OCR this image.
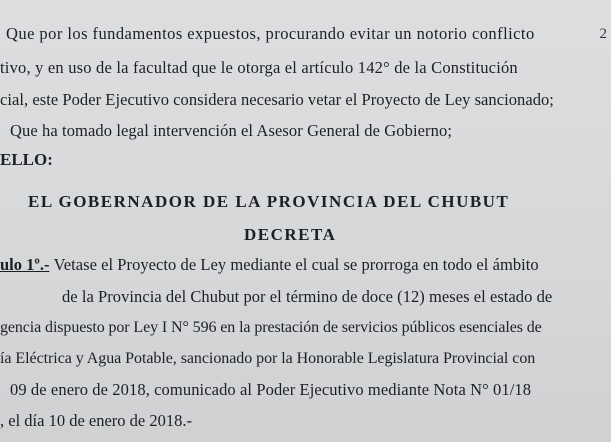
2
Que por los fundamentos expuestos, procurando evitar un notorio conflicto
tivo, y en uso de la facultad que le otorga el artículo 142° de la Constitución
cial, este Poder Ejecutivo considera necesario vetar el Proyecto de Ley sancionado;
Que ha tomado legal intervención el Asesor General de Gobierno;
ELLO:
EL GOBERNADOR DE LA PROVINCIA DEL CHUBUT
DECRETA
ulo 1º.- Vetase el Proyecto de Ley mediante el cual se prorroga en todo el ámbito
de la Provincia del Chubut por el término de doce (12) meses el estado de
gencia dispuesto por Ley I N° 596 en la prestación de servicios públicos esenciales de
ía Eléctrica y Agua Potable, sancionado por la Honorable Legislatura Provincial con
09 de enero de 2018, comunicado al Poder Ejecutivo mediante Nota N° 01/18
, el día 10 de enero de 2018.-
